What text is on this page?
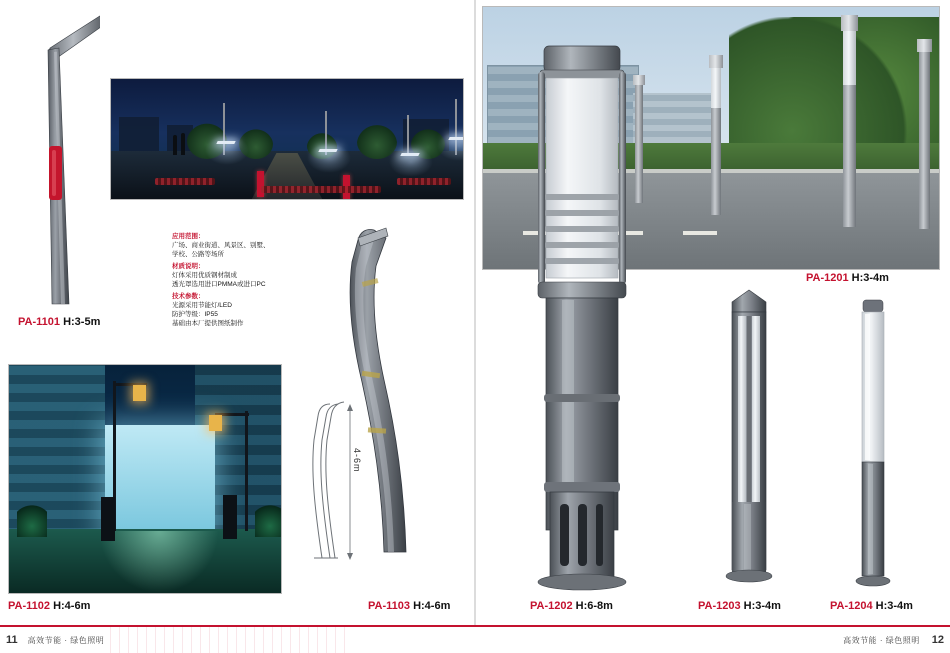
PA-1101 H:3-5m

应用范围：

广场、商业街道、风景区、别墅、

学校、公路等场所

材质说明：

灯体采用优质钢材制成

透光罩选用进口PMMA或进口PC

技术参数：

光源采用节能灯/LED

防护等级：IP55

基础由本厂提供图纸制作

PA-1102 H:4-6m
4-6m
PA-1103 H:4-6m
PA-1201 H:3-4m
PA-1202 H:6-8m	PA-1203 H:3-4m	PA-1204 H:3-4m
11	高效节能 · 绿色照明	高效节能 · 绿色照明	12
